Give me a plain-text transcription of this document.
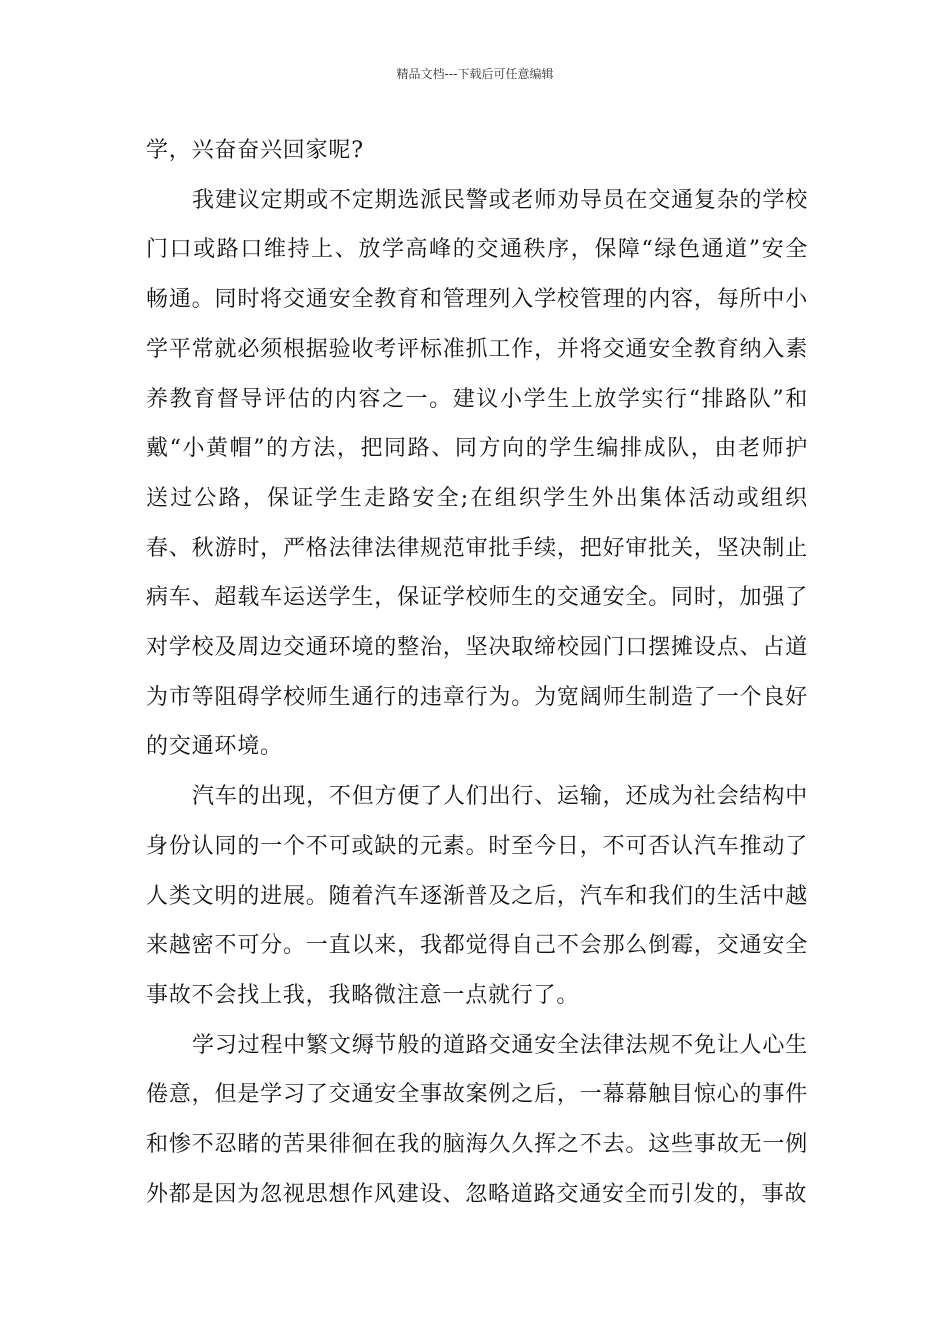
精品文档---下载后可任意编辑

学，兴奋奋兴回家呢?

我建议定期或不定期选派民警或老师劝导员在交通复杂的学校门口或路口维持上、放学高峰的交通秩序，保障“绿色通道”安全畅通。同时将交通安全教育和管理列入学校管理的内容，每所中小学平常就必须根据验收考评标准抓工作，并将交通安全教育纳入素养教育督导评估的内容之一。建议小学生上放学实行“排路队”和戴“小黄帽”的方法，把同路、同方向的学生编排成队，由老师护送过公路，保证学生走路安全;在组织学生外出集体活动或组织春、秋游时，严格法律法律规范审批手续，把好审批关，坚决制止病车、超载车运送学生，保证学校师生的交通安全。同时，加强了对学校及周边交通环境的整治，坚决取缔校园门口摆摊设点、占道为市等阻碍学校师生通行的违章行为。为宽阔师生制造了一个良好的交通环境。

汽车的出现，不但方便了人们出行、运输，还成为社会结构中身份认同的一个不可或缺的元素。时至今日，不可否认汽车推动了人类文明的进展。随着汽车逐渐普及之后，汽车和我们的生活中越来越密不可分。一直以来，我都觉得自己不会那么倒霉，交通安全事故不会找上我，我略微注意一点就行了。

学习过程中繁文缛节般的道路交通安全法律法规不免让人心生倦意，但是学习了交通安全事故案例之后，一幕幕触目惊心的事件和惨不忍睹的苦果徘徊在我的脑海久久挥之不去。这些事故无一例外都是因为忽视思想作风建设、忽略道路交通安全而引发的，事故
